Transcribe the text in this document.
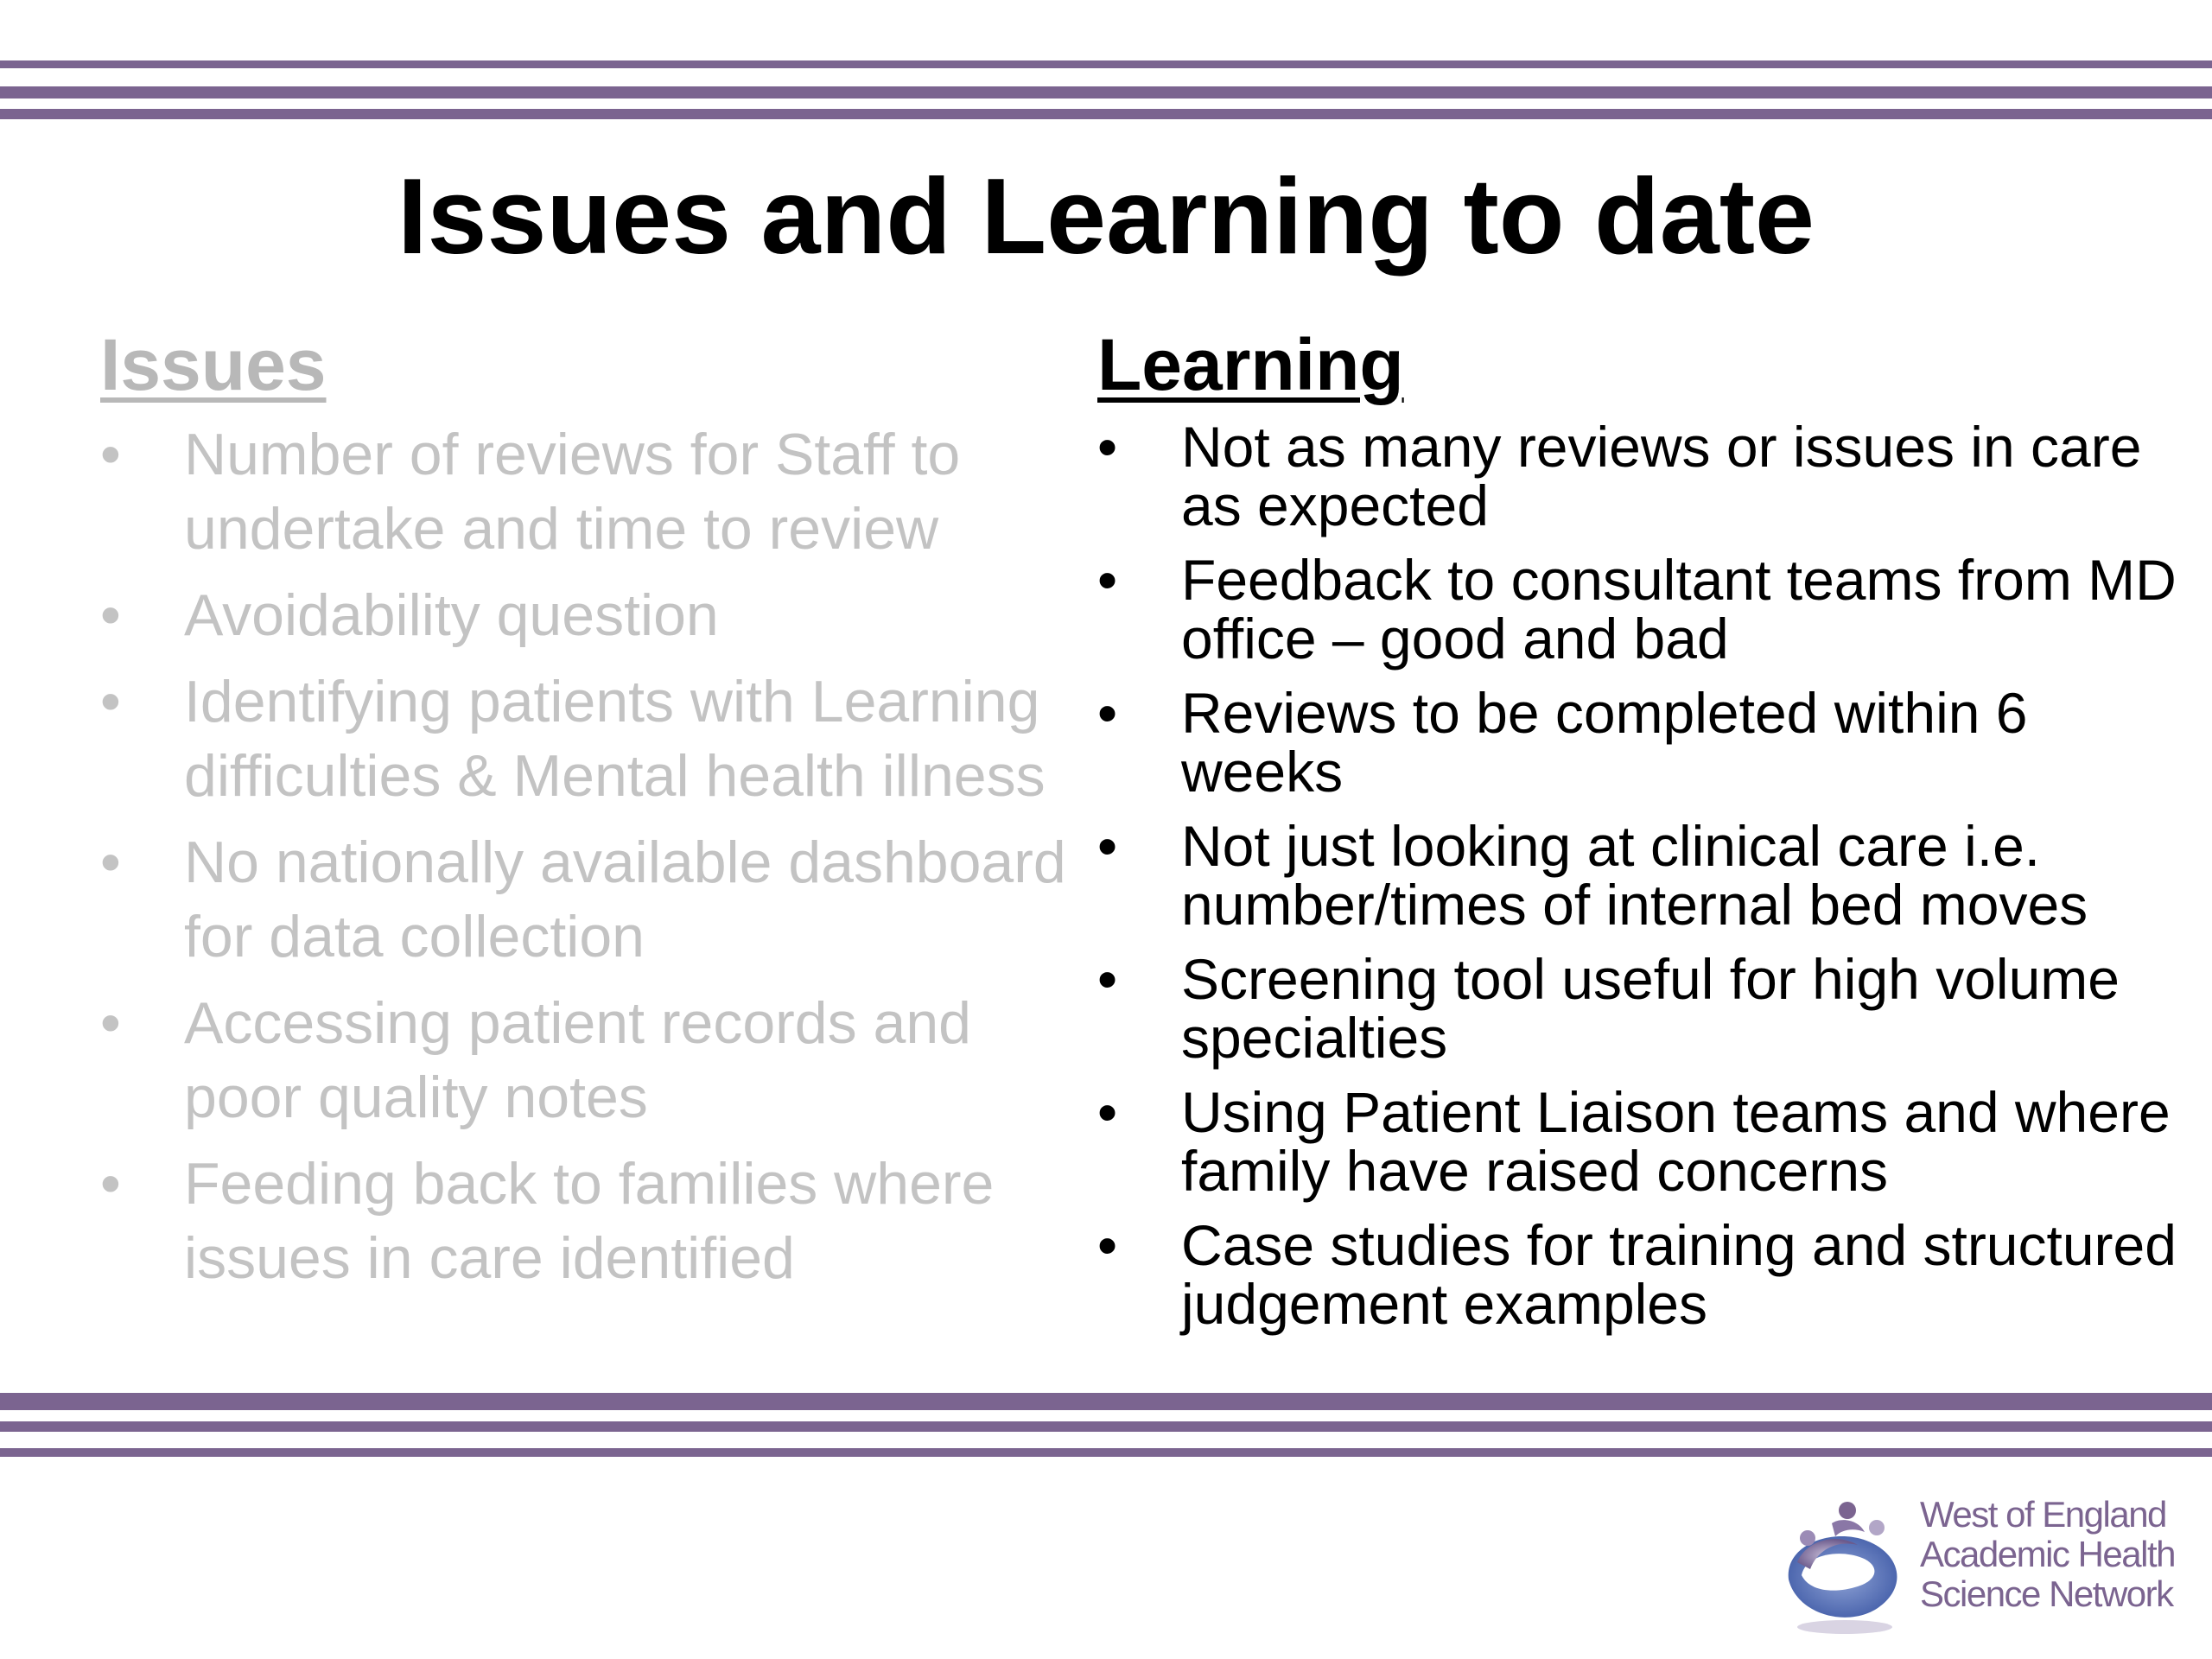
Issues and Learning to date
Issues
• Number of reviews for Staff to undertake and time to review
• Avoidability question
• Identifying patients with Learning difficulties & Mental health illness
• No nationally available dashboard for data collection
• Accessing patient records and poor quality notes
• Feeding back to families where issues in care identified
Learning
• Not as many reviews or issues in care as expected
• Feedback to consultant teams from MD office – good and bad
• Reviews to be completed within 6 weeks
• Not just looking at clinical care i.e. number/times of internal bed moves
• Screening tool useful for high volume specialties
• Using Patient Liaison teams and where family have raised concerns
• Case studies for training and structured judgement examples
West of England
Academic Health
Science Network
